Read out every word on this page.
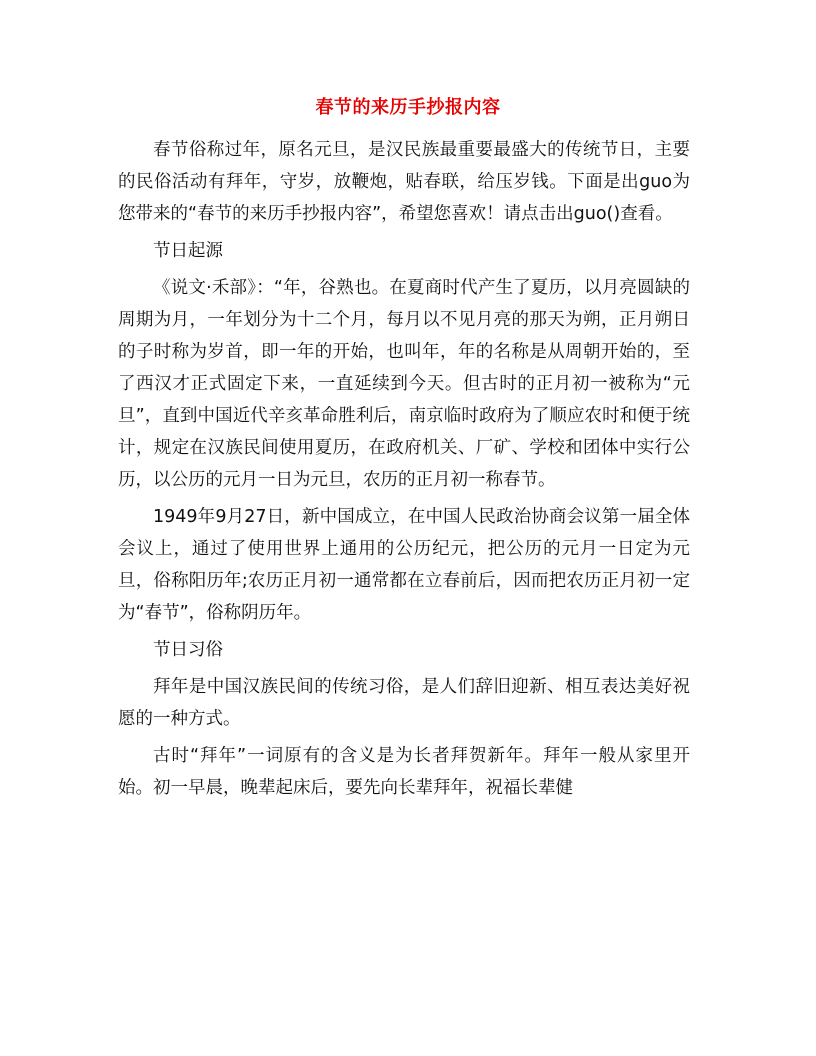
春节的来历手抄报内容

春节俗称过年，原名元旦，是汉民族最重要最盛大的传统节日，主要的民俗活动有拜年，守岁，放鞭炮，贴春联，给压岁钱。下面是出guo为您带来的“春节的来历手抄报内容”，希望您喜欢！请点击出guo()查看。

节日起源

《说文·禾部》：“年，谷熟也。在夏商时代产生了夏历，以月亮圆缺的周期为月，一年划分为十二个月，每月以不见月亮的那天为朔，正月朔日的子时称为岁首，即一年的开始，也叫年，年的名称是从周朝开始的，至了西汉才正式固定下来，一直延续到今天。但古时的正月初一被称为“元旦”，直到中国近代辛亥革命胜利后，南京临时政府为了顺应农时和便于统计，规定在汉族民间使用夏历，在政府机关、厂矿、学校和团体中实行公历，以公历的元月一日为元旦，农历的正月初一称春节。

1949年9月27日，新中国成立，在中国人民政治协商会议第一届全体会议上，通过了使用世界上通用的公历纪元，把公历的元月一日定为元旦，俗称阳历年;农历正月初一通常都在立春前后，因而把农历正月初一定为“春节”，俗称阴历年。

节日习俗

拜年是中国汉族民间的传统习俗，是人们辞旧迎新、相互表达美好祝愿的一种方式。

古时“拜年”一词原有的含义是为长者拜贺新年。拜年一般从家里开始。初一早晨，晚辈起床后，要先向长辈拜年，祝福长辈健
